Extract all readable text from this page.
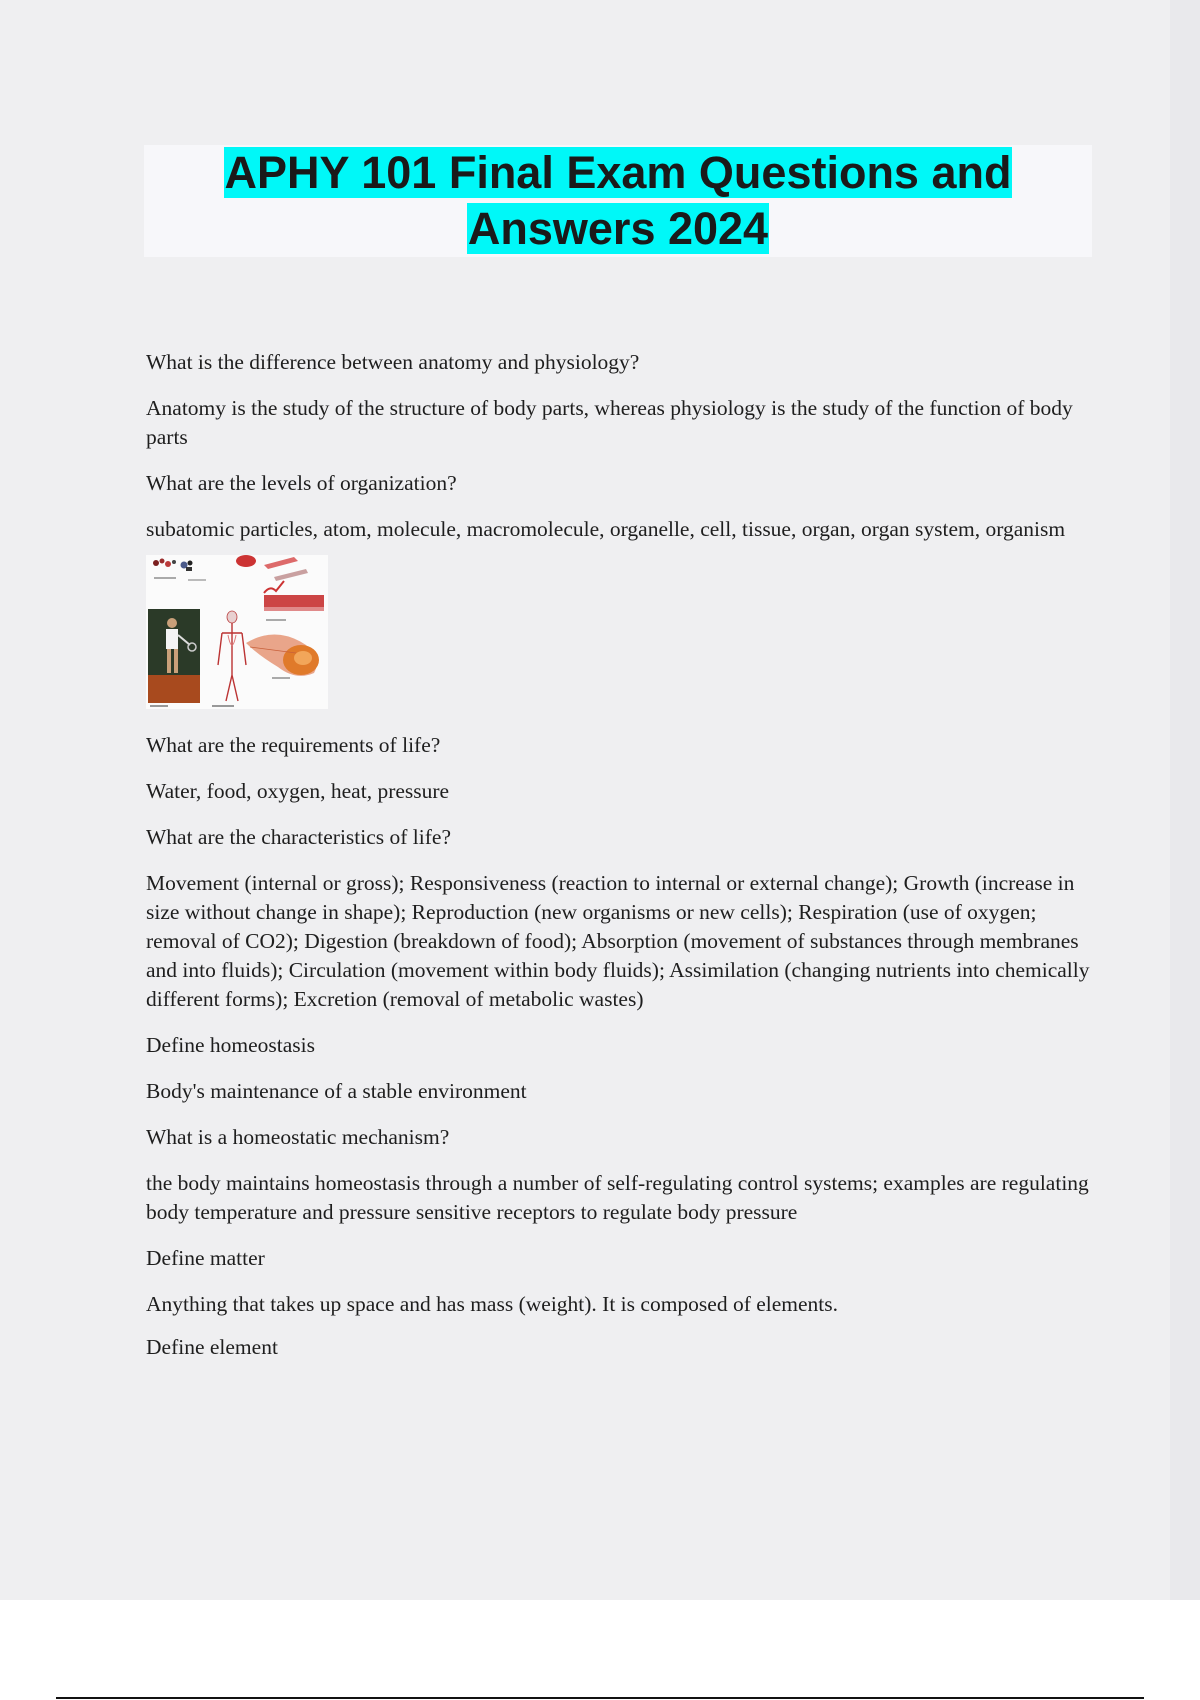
APHY 101 Final Exam Questions and
Answers 2024

What is the difference between anatomy and physiology?

Anatomy is the study of the structure of body parts, whereas physiology is the study of the function of body parts

What are the levels of organization?

subatomic particles, atom, molecule, macromolecule, organelle, cell, tissue, organ, organ system, organism

What are the requirements of life?

Water, food, oxygen, heat, pressure

What are the characteristics of life?

Movement (internal or gross); Responsiveness (reaction to internal or external change); Growth (increase in size without change in shape); Reproduction (new organisms or new cells); Respiration (use of oxygen; removal of CO2); Digestion (breakdown of food); Absorption (movement of substances through membranes and into fluids); Circulation (movement within body fluids); Assimilation (changing nutrients into chemically different forms); Excretion (removal of metabolic wastes)

Define homeostasis

Body's maintenance of a stable environment

What is a homeostatic mechanism?

the body maintains homeostasis through a number of self-regulating control systems; examples are regulating body temperature and pressure sensitive receptors to regulate body pressure

Define matter

Anything that takes up space and has mass (weight). It is composed of elements.

Define element
